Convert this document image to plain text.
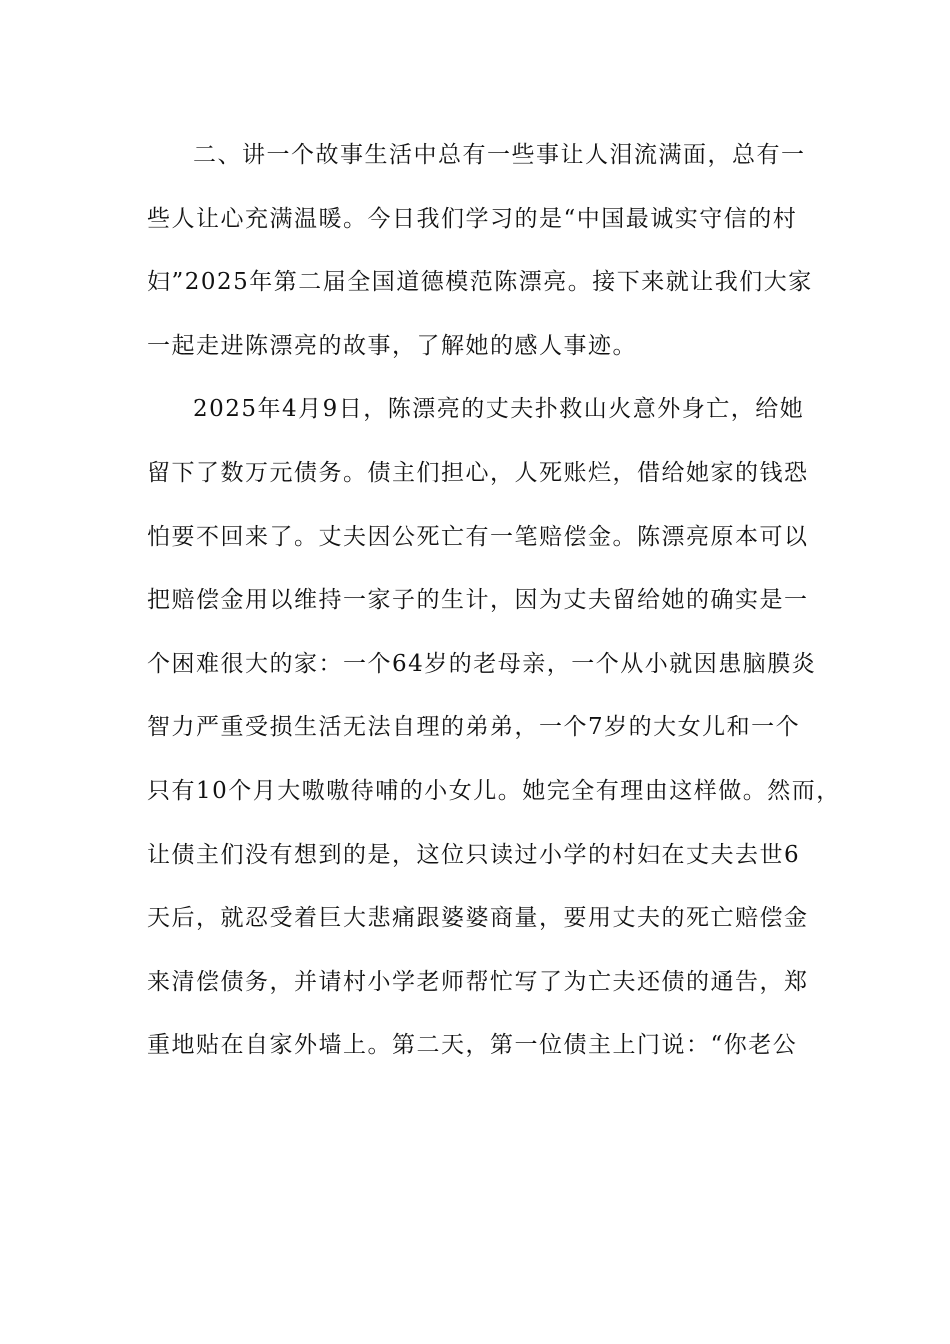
二、讲一个故事生活中总有一些事让人泪流满面，总有一
些人让心充满温暖。今日我们学习的是“中国最诚实守信的村
妇”2025年第二届全国道德模范陈漂亮。接下来就让我们大家
一起走进陈漂亮的故事，了解她的感人事迹。
2025年4月9日，陈漂亮的丈夫扑救山火意外身亡，给她
留下了数万元债务。债主们担心，人死账烂，借给她家的钱恐
怕要不回来了。丈夫因公死亡有一笔赔偿金。陈漂亮原本可以
把赔偿金用以维持一家子的生计，因为丈夫留给她的确实是一
个困难很大的家：一个64岁的老母亲，一个从小就因患脑膜炎
智力严重受损生活无法自理的弟弟，一个7岁的大女儿和一个
只有10个月大嗷嗷待哺的小女儿。她完全有理由这样做。然而，
让债主们没有想到的是，这位只读过小学的村妇在丈夫去世6
天后，就忍受着巨大悲痛跟婆婆商量，要用丈夫的死亡赔偿金
来清偿债务，并请村小学老师帮忙写了为亡夫还债的通告，郑
重地贴在自家外墙上。第二天，第一位债主上门说：“你老公
